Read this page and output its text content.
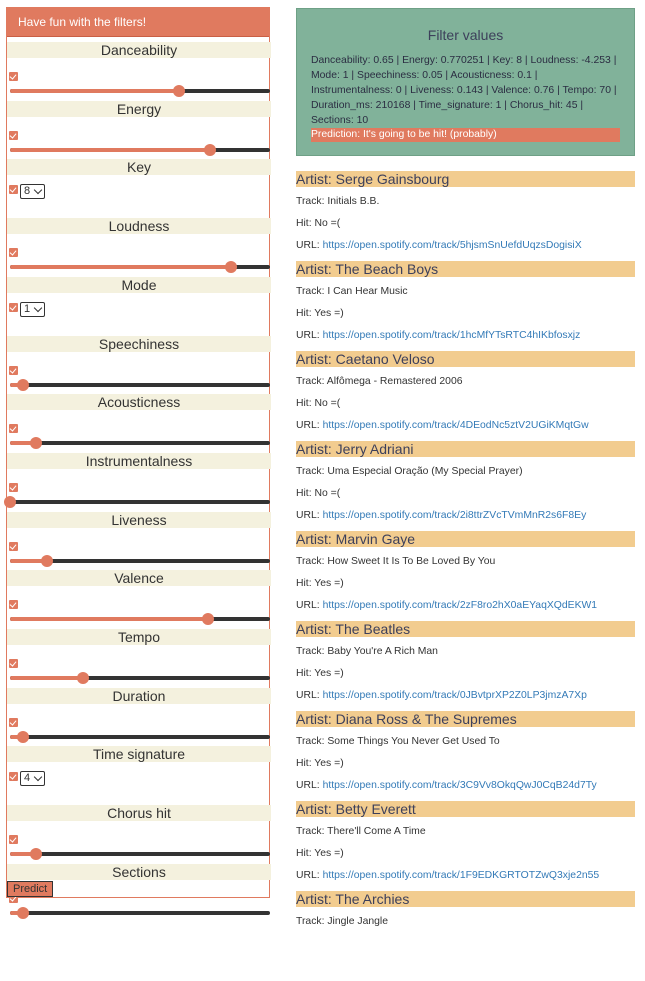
Have fun with the filters!
Danceability
Energy
Key
8
Loudness
Mode
1
Speechiness
Acousticness
Instrumentalness
Liveness
Valence
Tempo
Duration
Time signature
4
Chorus hit
Sections
Predict
Filter values
Danceability: 0.65 | Energy: 0.770251 | Key: 8 | Loudness: -4.253 | Mode: 1 | Speechiness: 0.05 | Acousticness: 0.1 | Instrumentalness: 0 | Liveness: 0.143 | Valence: 0.76 | Tempo: 70 | Duration_ms: 210168 | Time_signature: 1 | Chorus_hit: 45 | Sections: 10
Prediction: It's going to be hit! (probably)
Artist: Serge Gainsbourg
Track: Initials B.B.
Hit: No =(
URL: https://open.spotify.com/track/5hjsmSnUefdUqzsDogisiX
Artist: The Beach Boys
Track: I Can Hear Music
Hit: Yes =)
URL: https://open.spotify.com/track/1hcMfYTsRTC4hIKbfosxjz
Artist: Caetano Veloso
Track: Alfômega - Remastered 2006
Hit: No =(
URL: https://open.spotify.com/track/4DEodNc5ztV2UGiKMqtGw
Artist: Jerry Adriani
Track: Uma Especial Oração (My Special Prayer)
Hit: No =(
URL: https://open.spotify.com/track/2i8ttrZVcTVmMnR2s6F8Ey
Artist: Marvin Gaye
Track: How Sweet It Is To Be Loved By You
Hit: Yes =)
URL: https://open.spotify.com/track/2zF8ro2hX0aEYaqXQdEKW1
Artist: The Beatles
Track: Baby You're A Rich Man
Hit: Yes =)
URL: https://open.spotify.com/track/0JBvtprXP2Z0LP3jmzA7Xp
Artist: Diana Ross & The Supremes
Track: Some Things You Never Get Used To
Hit: Yes =)
URL: https://open.spotify.com/track/3C9Vv8OkqQwJ0CqB24d7Ty
Artist: Betty Everett
Track: There'll Come A Time
Hit: Yes =)
URL: https://open.spotify.com/track/1F9EDKGRTOTZwQ3xje2n55
Artist: The Archies
Track: Jingle Jangle
